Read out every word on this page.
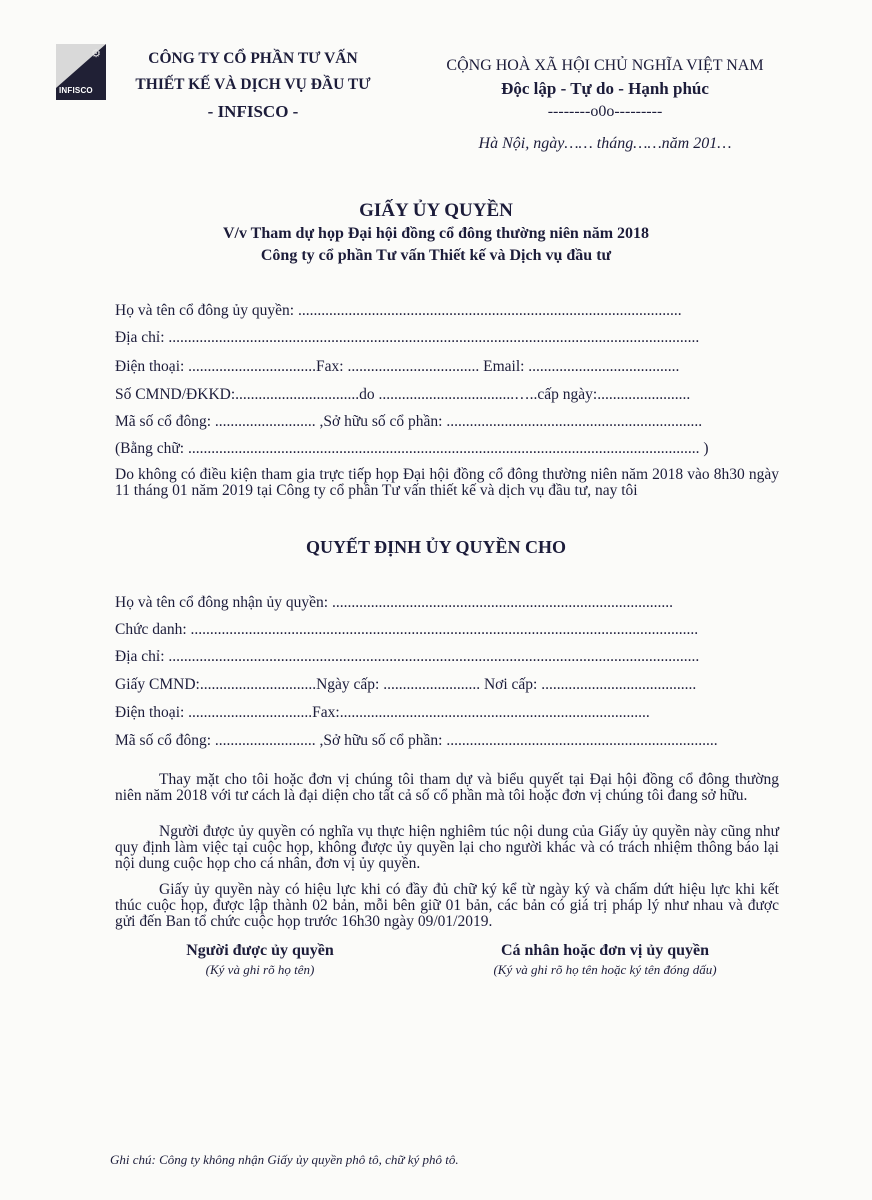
⚙
INFISCO
CÔNG TY CỔ PHẦN TƯ VẤN
THIẾT KẾ VÀ DỊCH VỤ ĐẦU TƯ
- INFISCO -
CỘNG HOÀ XÃ HỘI CHỦ NGHĨA VIỆT NAM
Độc lập - Tự do - Hạnh phúc
--------o0o---------
Hà Nội, ngày…… tháng……năm 201…
GIẤY ỦY QUYỀN
V/v Tham dự họp Đại hội đồng cổ đông thường niên năm 2018
Công ty cổ phần Tư vấn Thiết kế và Dịch vụ đầu tư
Họ và tên cổ đông ủy quyền: ...................................................................................................
Địa chỉ: .........................................................................................................................................
Điện thoại: .................................Fax: .................................. Email: .......................................
Số CMND/ĐKKD:................................do ...................................…..cấp ngày:........................
Mã số cổ đông: .......................... ,Sở hữu số cổ phần: ..................................................................
(Bằng chữ: .................................................................................................................................... )
Do không có điều kiện tham gia trực tiếp họp Đại hội đồng cổ đông thường niên năm 2018 vào 8h30 ngày 11 tháng 01 năm 2019 tại Công ty cổ phần Tư vấn thiết kế và dịch vụ đầu tư, nay tôi
QUYẾT ĐỊNH ỦY QUYỀN CHO
Họ và tên cổ đông nhận ủy quyền: ........................................................................................
Chức danh: ...................................................................................................................................
Địa chỉ: .........................................................................................................................................
Giấy CMND:..............................Ngày cấp: ......................... Nơi cấp: ........................................
Điện thoại: ................................Fax:................................................................................
Mã số cổ đông: .......................... ,Sở hữu số cổ phần: ......................................................................
Thay mặt cho tôi hoặc đơn vị chúng tôi tham dự và biểu quyết tại Đại hội đồng cổ đông thường niên năm 2018 với tư cách là đại diện cho tất cả số cổ phần mà tôi hoặc đơn vị chúng tôi đang sở hữu.
Người được ủy quyền có nghĩa vụ thực hiện nghiêm túc nội dung của Giấy ủy quyền này cũng như quy định làm việc tại cuộc họp, không được ủy quyền lại cho người khác và có trách nhiệm thông báo lại nội dung cuộc họp cho cá nhân, đơn vị ủy quyền.
Giấy ủy quyền này có hiệu lực khi có đầy đủ chữ ký kể từ ngày ký và chấm dứt hiệu lực khi kết thúc cuộc họp, được lập thành 02 bản, mỗi bên giữ 01 bản, các bản có giá trị pháp lý như nhau và được gửi đến Ban tổ chức cuộc họp trước 16h30 ngày 09/01/2019.
Người được ủy quyền
(Ký và ghi rõ họ tên)
Cá nhân hoặc đơn vị ủy quyền
(Ký và ghi rõ họ tên hoặc ký tên đóng dấu)
Ghi chú: Công ty không nhận Giấy ủy quyền phô tô, chữ ký phô tô.
